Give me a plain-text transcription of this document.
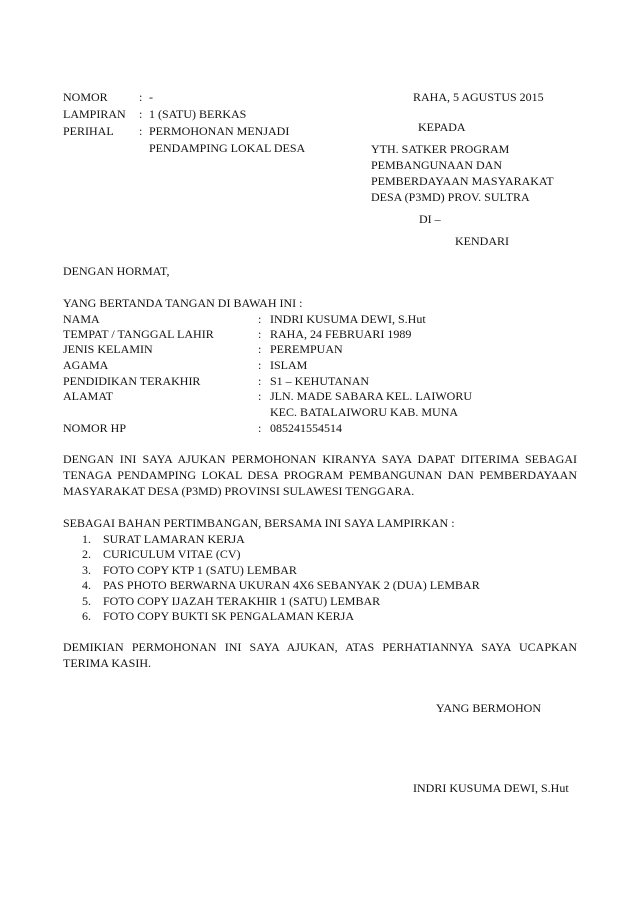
NOMOR	: -
LAMPIRAN : 1 (SATU) BERKAS
PERIHAL : PERMOHONAN MENJADI
PENDAMPING LOKAL DESA
RAHA, 5 AGUSTUS 2015
KEPADA
YTH. SATKER PROGRAM
PEMBANGUNAAN DAN
PEMBERDAYAAN MASYARAKAT
DESA (P3MD) PROV. SULTRA
DI –
KENDARI
DENGAN HORMAT,
YANG BERTANDA TANGAN DI BAWAH INI :
NAMA	: INDRI KUSUMA DEWI, S.Hut
TEMPAT / TANGGAL LAHIR	: RAHA, 24 FEBRUARI 1989
JENIS KELAMIN	: PEREMPUAN
AGAMA	: ISLAM
PENDIDIKAN TERAKHIR	: S1 – KEHUTANAN
ALAMAT	: JLN. MADE SABARA KEL. LAIWORU
KEC. BATALAIWORU KAB. MUNA
NOMOR HP	: 085241554514
DENGAN INI SAYA AJUKAN PERMOHONAN KIRANYA SAYA DAPAT DITERIMA SEBAGAI
TENAGA PENDAMPING LOKAL DESA PROGRAM PEMBANGUNAN DAN PEMBERDAYAAN
MASYARAKAT DESA (P3MD) PROVINSI SULAWESI TENGGARA.
SEBAGAI BAHAN PERTIMBANGAN, BERSAMA INI SAYA LAMPIRKAN :
1. SURAT LAMARAN KERJA
2. CURICULUM VITAE (CV)
3. FOTO COPY KTP 1 (SATU) LEMBAR
4. PAS PHOTO BERWARNA UKURAN 4X6 SEBANYAK 2 (DUA) LEMBAR
5. FOTO COPY IJAZAH TERAKHIR 1 (SATU) LEMBAR
6. FOTO COPY BUKTI SK PENGALAMAN KERJA
DEMIKIAN PERMOHONAN INI SAYA AJUKAN, ATAS PERHATIANNYA SAYA UCAPKAN
TERIMA KASIH.
YANG BERMOHON
INDRI KUSUMA DEWI, S.Hut
